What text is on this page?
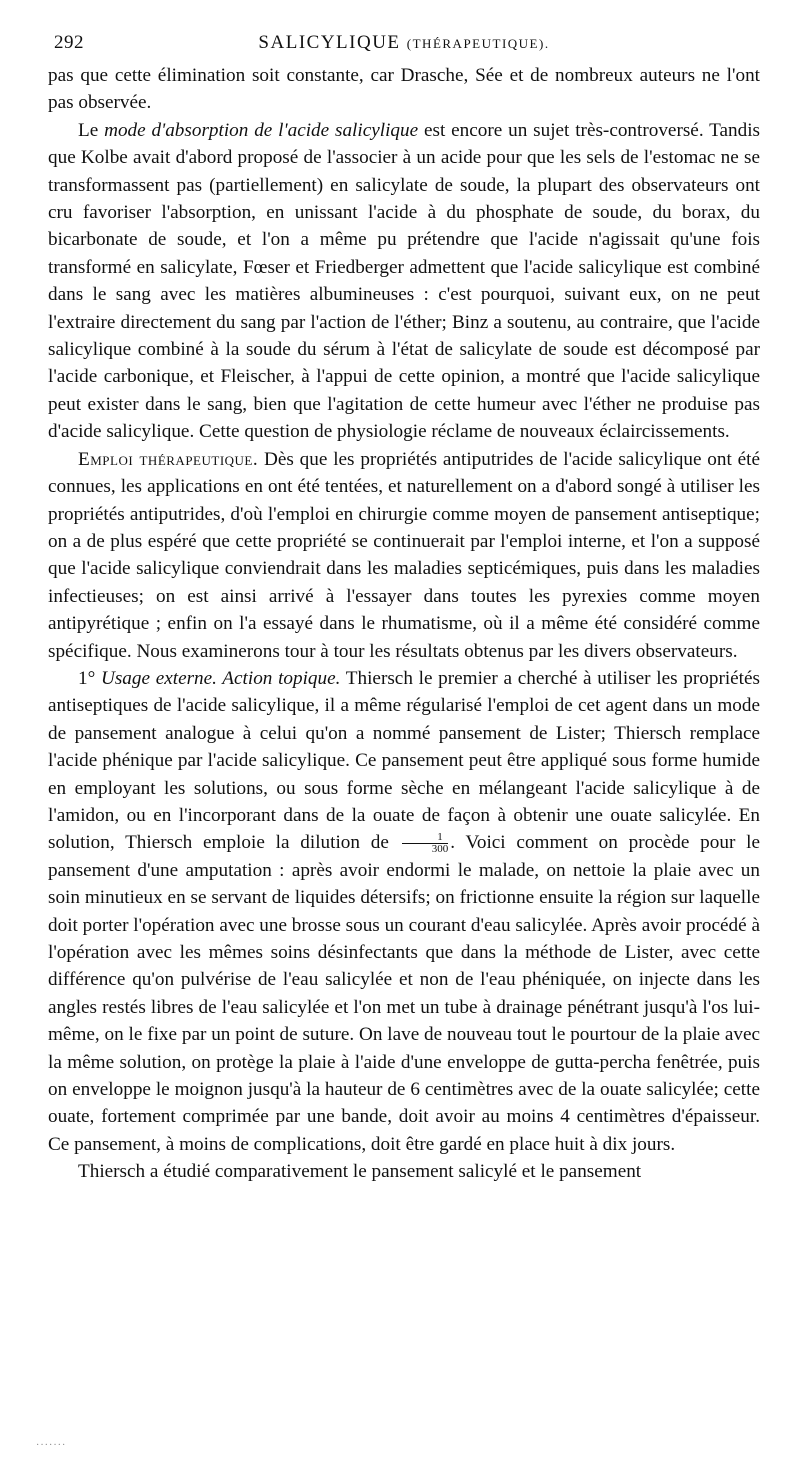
292	SALICYLIQUE (THÉRAPEUTIQUE).

pas que cette élimination soit constante, car Drasche, Sée et de nombreux auteurs ne l'ont pas observée.

Le mode d'absorption de l'acide salicylique est encore un sujet très-controversé. Tandis que Kolbe avait d'abord proposé de l'associer à un acide pour que les sels de l'estomac ne se transformassent pas (partiellement) en salicylate de soude, la plupart des observateurs ont cru favoriser l'absorption, en unissant l'acide à du phosphate de soude, du borax, du bicarbonate de soude, et l'on a même pu prétendre que l'acide n'agissait qu'une fois transformé en salicylate, Fœser et Friedberger admettent que l'acide salicylique est combiné dans le sang avec les matières albumineuses : c'est pourquoi, suivant eux, on ne peut l'extraire directement du sang par l'action de l'éther; Binz a soutenu, au contraire, que l'acide salicylique combiné à la soude du sérum à l'état de salicylate de soude est décomposé par l'acide carbonique, et Fleischer, à l'appui de cette opinion, a montré que l'acide salicylique peut exister dans le sang, bien que l'agitation de cette humeur avec l'éther ne produise pas d'acide salicylique. Cette question de physiologie réclame de nouveaux éclaircissements.

Emploi thérapeutique. Dès que les propriétés antiputrides de l'acide salicylique ont été connues, les applications en ont été tentées, et naturellement on a d'abord songé à utiliser les propriétés antiputrides, d'où l'emploi en chirurgie comme moyen de pansement antiseptique; on a de plus espéré que cette propriété se continuerait par l'emploi interne, et l'on a supposé que l'acide salicylique conviendrait dans les maladies septicémiques, puis dans les maladies infectieuses; on est ainsi arrivé à l'essayer dans toutes les pyrexies comme moyen antipyrétique ; enfin on l'a essayé dans le rhumatisme, où il a même été considéré comme spécifique. Nous examinerons tour à tour les résultats obtenus par les divers observateurs.

1° Usage externe. Action topique. Thiersch le premier a cherché à utiliser les propriétés antiseptiques de l'acide salicylique, il a même régularisé l'emploi de cet agent dans un mode de pansement analogue à celui qu'on a nommé pansement de Lister; Thiersch remplace l'acide phénique par l'acide salicylique. Ce pansement peut être appliqué sous forme humide en employant les solutions, ou sous forme sèche en mélangeant l'acide salicylique à de l'amidon, ou en l'incorporant dans de la ouate de façon à obtenir une ouate salicylée. En solution, Thiersch emploie la dilution de $\frac{1}{300}$ . Voici comment on procède pour le pansement d'une amputation : après avoir endormi le malade, on nettoie la plaie avec un soin minutieux en se servant de liquides détersifs; on frictionne ensuite la région sur laquelle doit porter l'opération avec une brosse sous un courant d'eau salicylée. Après avoir procédé à l'opération avec les mêmes soins désinfectants que dans la méthode de Lister, avec cette différence qu'on pulvérise de l'eau salicylée et non de l'eau phéniquée, on injecte dans les angles restés libres de l'eau salicylée et l'on met un tube à drainage pénétrant jusqu'à l'os lui-même, on le fixe par un point de suture. On lave de nouveau tout le pourtour de la plaie avec la même solution, on protège la plaie à l'aide d'une enveloppe de gutta-percha fenêtrée, puis on enveloppe le moignon jusqu'à la hauteur de 6 centimètres avec de la ouate salicylée; cette ouate, fortement comprimée par une bande, doit avoir au moins 4 centimètres d'épaisseur. Ce pansement, à moins de complications, doit être gardé en place huit à dix jours.

Thiersch a étudié comparativement le pansement salicylé et le pansement

·······
